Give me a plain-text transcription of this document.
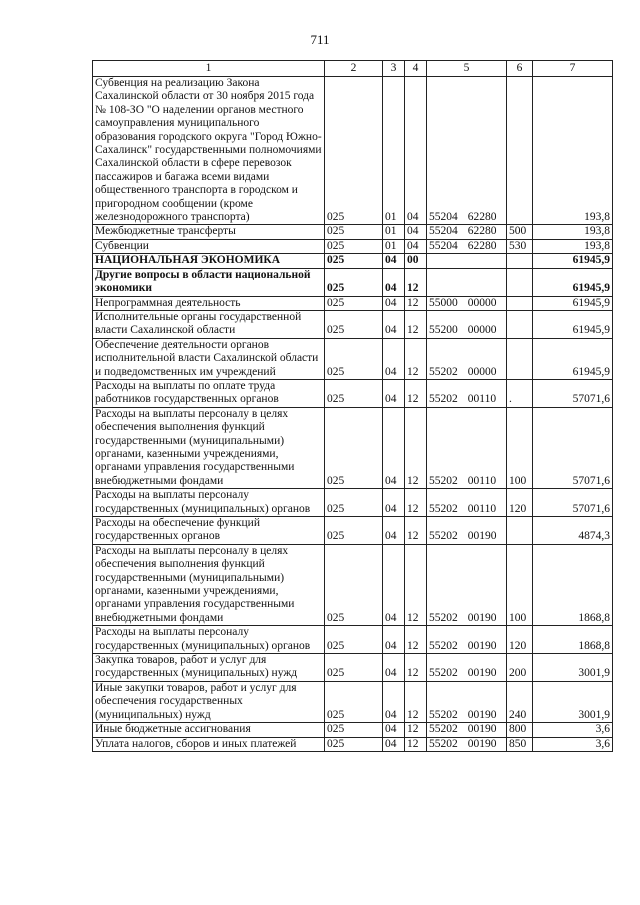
711
1	2	3	4	5	6	7
Субвенция на реализацию Закона Сахалинской области от 30 ноября 2015 года № 108-ЗО "О наделении органов местного самоуправления муниципального образования городского округа "Город Южно-Сахалинск" государственными полномочиями Сахалинской области в сфере перевозок пассажиров и багажа всеми видами общественного транспорта в городском и пригородном сообщении (кроме железнодорожного транспорта)	025	01	04	55204 62280		193,8
Межбюджетные трансферты	025	01	04	55204 62280	500	193,8
Субвенции	025	01	04	55204 62280	530	193,8
НАЦИОНАЛЬНАЯ ЭКОНОМИКА	025	04	00			61945,9
Другие вопросы в области национальной экономики	025	04	12			61945,9
Непрограммная деятельность	025	04	12	55000 00000		61945,9
Исполнительные органы государственной власти Сахалинской области	025	04	12	55200 00000		61945,9
Обеспечение деятельности органов исполнительной власти Сахалинской области и подведомственных им учреждений	025	04	12	55202 00000		61945,9
Расходы на выплаты по оплате труда работников государственных органов	025	04	12	55202 00110	.	57071,6
Расходы на выплаты персоналу в целях обеспечения выполнения функций государственными (муниципальными) органами, казенными учреждениями, органами управления государственными внебюджетными фондами	025	04	12	55202 00110	100	57071,6
Расходы на выплаты персоналу государственных (муниципальных) органов	025	04	12	55202 00110	120	57071,6
Расходы на обеспечение функций государственных органов	025	04	12	55202 00190		4874,3
Расходы на выплаты персоналу в целях обеспечения выполнения функций государственными (муниципальными) органами, казенными учреждениями, органами управления государственными внебюджетными фондами	025	04	12	55202 00190	100	1868,8
Расходы на выплаты персоналу государственных (муниципальных) органов	025	04	12	55202 00190	120	1868,8
Закупка товаров, работ и услуг для государственных (муниципальных) нужд	025	04	12	55202 00190	200	3001,9
Иные закупки товаров, работ и услуг для обеспечения государственных (муниципальных) нужд	025	04	12	55202 00190	240	3001,9
Иные бюджетные ассигнования	025	04	12	55202 00190	800	3,6
Уплата налогов, сборов и иных платежей	025	04	12	55202 00190	850	3,6
